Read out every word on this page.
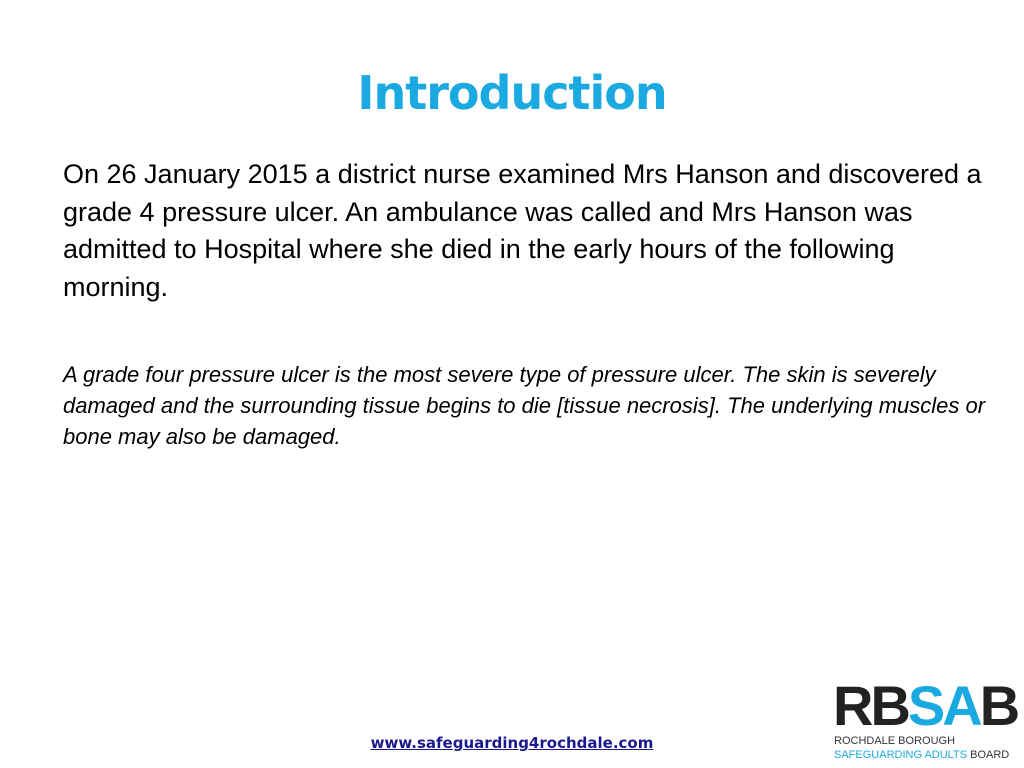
Introduction

On 26 January 2015 a district nurse examined Mrs Hanson and discovered a grade 4 pressure ulcer. An ambulance was called and Mrs Hanson was admitted to Hospital where she died in the early hours of the following morning.

A grade four pressure ulcer is the most severe type of pressure ulcer. The skin is severely damaged and the surrounding tissue begins to die [tissue necrosis]. The underlying muscles or bone may also be damaged.

www.safeguarding4rochdale.com
RBSAB
ROCHDALE BOROUGH
SAFEGUARDING ADULTS BOARD
